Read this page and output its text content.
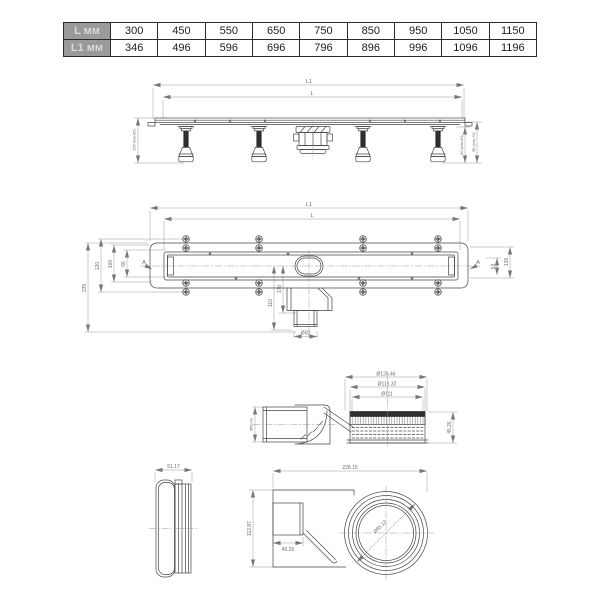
L мм	300	450	550	650	750	850	950	1050	1150
L1 мм	346	496	596	696	796	896	996	1096	1196
L1
L
105 (min-85)	80 (min-60) 98 (min-70)
L1
L
235
120 100 66	53
136
170
110
Ø50
A	A
Ø125.46
Ø115.32
Ø111
45.26
Ø50.09
51.17	228.15
112.87
45.26
Ø85.12
